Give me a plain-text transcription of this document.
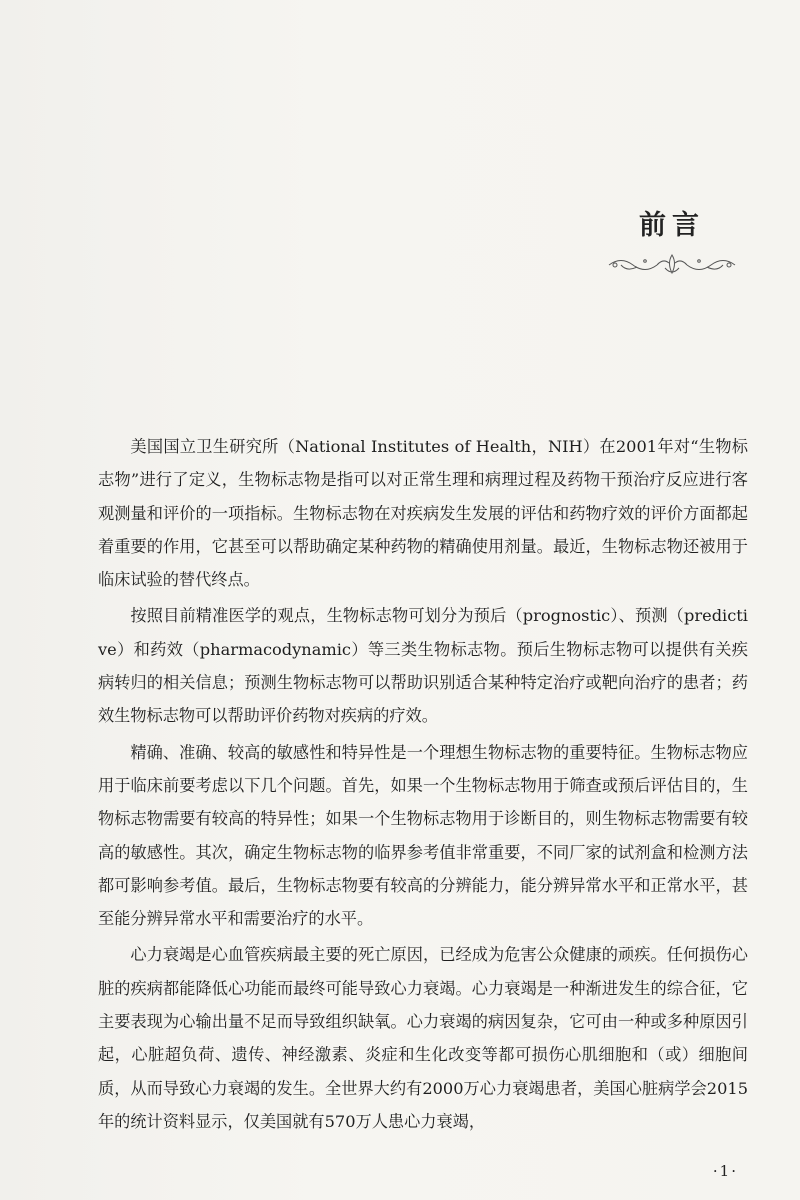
前言

美国国立卫生研究所（National Institutes of Health，NIH）在2001年对“生物标志物”进行了定义，生物标志物是指可以对正常生理和病理过程及药物干预治疗反应进行客观测量和评价的一项指标。生物标志物在对疾病发生发展的评估和药物疗效的评价方面都起着重要的作用，它甚至可以帮助确定某种药物的精确使用剂量。最近，生物标志物还被用于临床试验的替代终点。

按照目前精准医学的观点，生物标志物可划分为预后（prognostic）、预测（predictive）和药效（pharmacodynamic）等三类生物标志物。预后生物标志物可以提供有关疾病转归的相关信息；预测生物标志物可以帮助识别适合某种特定治疗或靶向治疗的患者；药效生物标志物可以帮助评价药物对疾病的疗效。

精确、准确、较高的敏感性和特异性是一个理想生物标志物的重要特征。生物标志物应用于临床前要考虑以下几个问题。首先，如果一个生物标志物用于筛查或预后评估目的，生物标志物需要有较高的特异性；如果一个生物标志物用于诊断目的，则生物标志物需要有较高的敏感性。其次，确定生物标志物的临界参考值非常重要，不同厂家的试剂盒和检测方法都可影响参考值。最后，生物标志物要有较高的分辨能力，能分辨异常水平和正常水平，甚至能分辨异常水平和需要治疗的水平。

心力衰竭是心血管疾病最主要的死亡原因，已经成为危害公众健康的顽疾。任何损伤心脏的疾病都能降低心功能而最终可能导致心力衰竭。心力衰竭是一种渐进发生的综合征，它主要表现为心输出量不足而导致组织缺氧。心力衰竭的病因复杂，它可由一种或多种原因引起，心脏超负荷、遗传、神经激素、炎症和生化改变等都可损伤心肌细胞和（或）细胞间质，从而导致心力衰竭的发生。全世界大约有2000万心力衰竭患者，美国心脏病学会2015年的统计资料显示，仅美国就有570万人患心力衰竭，

·1·
